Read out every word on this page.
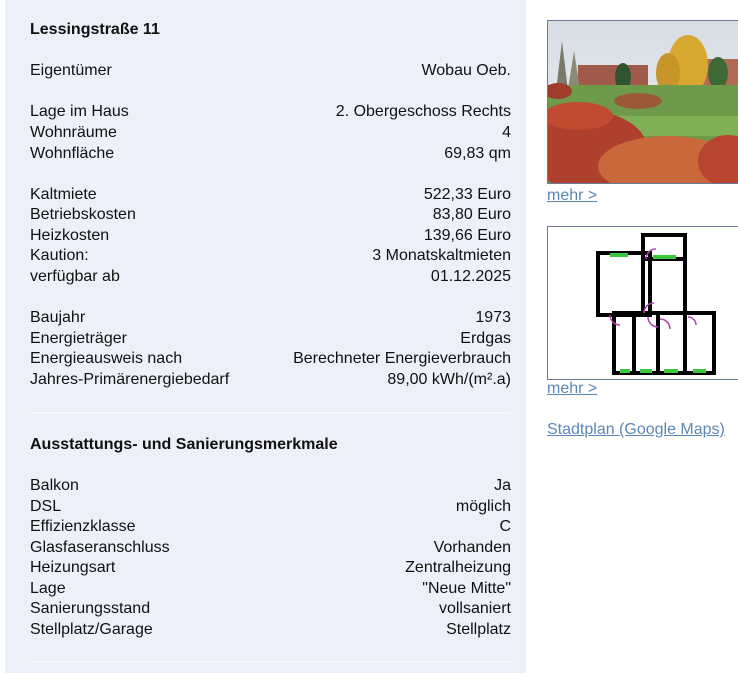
Lessingstraße 11
Eigentümer	Wobau Oeb.
Lage im Haus	2. Obergeschoss Rechts
Wohnräume	4
Wohnfläche	69,83 qm
Kaltmiete	522,33 Euro
Betriebskosten	83,80 Euro
Heizkosten	139,66 Euro
Kaution:	3 Monatskaltmieten
verfügbar ab	01.12.2025
Baujahr	1973
Energieträger	Erdgas
Energieausweis nach	Berechneter Energieverbrauch
Jahres-Primärenergiebedarf	89,00 kWh/(m².a)
Ausstattungs- und Sanierungsmerkmale
Balkon	Ja
DSL	möglich
Effizienzklasse	C
Glasfaseranschluss	Vorhanden
Heizungsart	Zentralheizung
Lage	"Neue Mitte"
Sanierungsstand	vollsaniert
Stellplatz/Garage	Stellplatz
mehr >
mehr >
Stadtplan (Google Maps)
